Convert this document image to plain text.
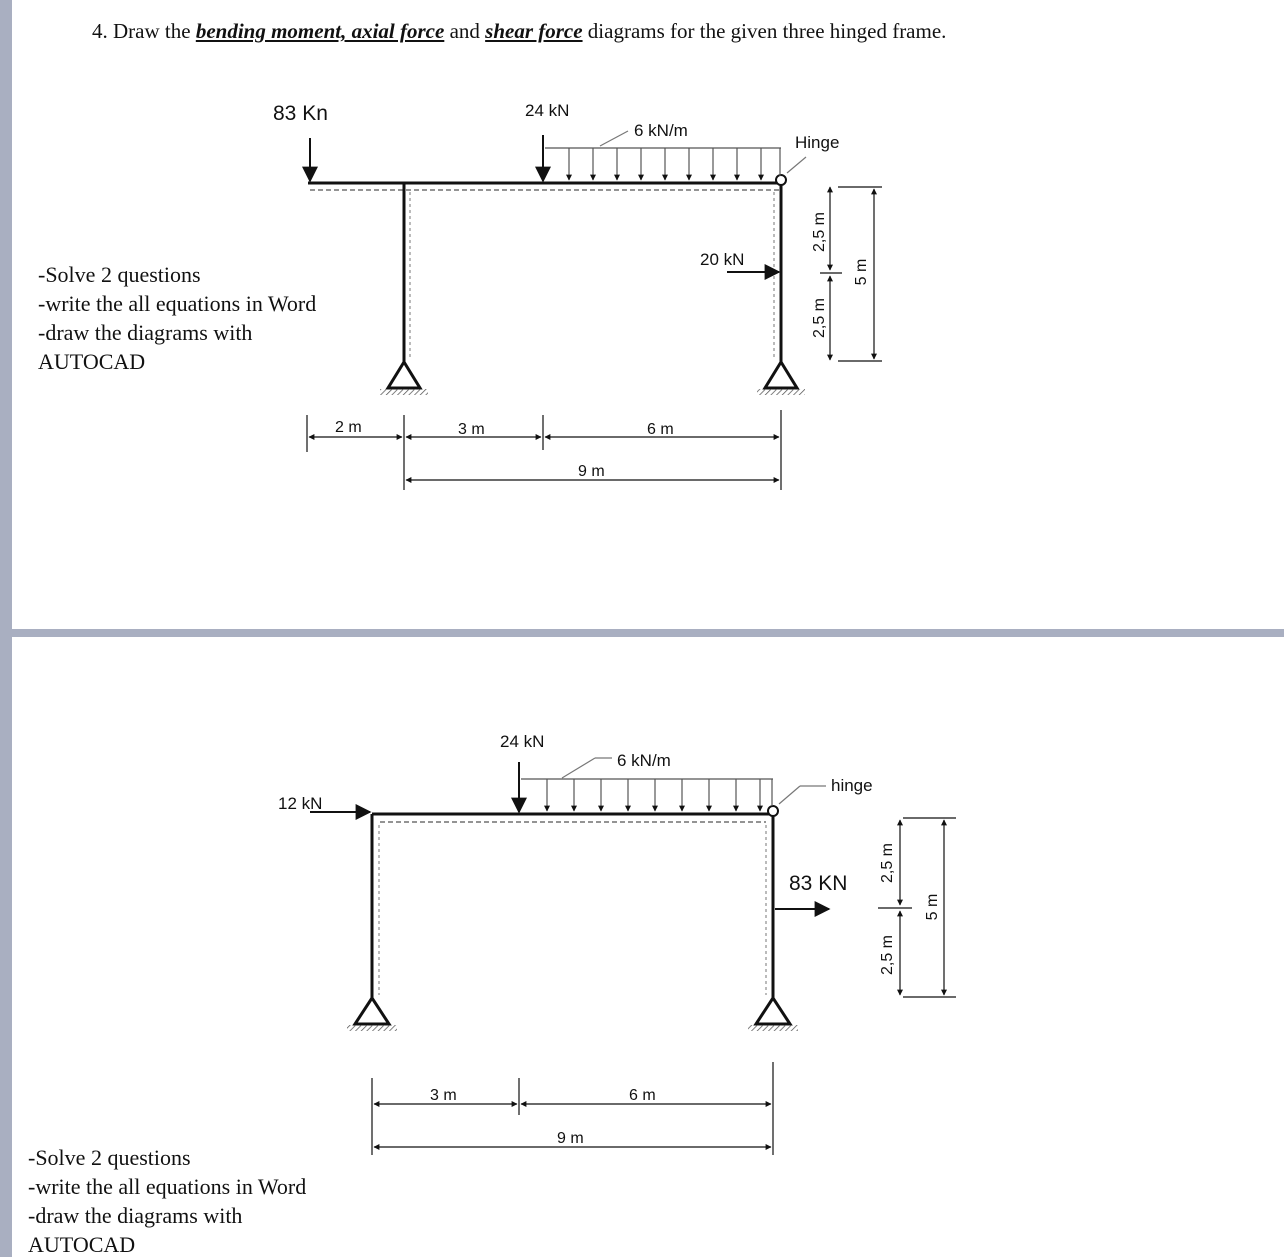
4. Draw the bending moment, axial force and shear force diagrams for the given three hinged frame.
Hinge
83 Kn	24 kN
6 kN/m
20 kN
2,5 m
2,5 m
5 m
2 m	3 m	6 m
9 m
hinge
12 kN
24 kN
6 kN/m
83 KN
2,5 m
2,5 m
5 m
3 m	6 m
9 m
-Solve 2 questions
-write the all equations in Word
-draw the diagrams with
AUTOCAD
-Solve 2 questions
-write the all equations in Word
-draw the diagrams with
AUTOCAD
